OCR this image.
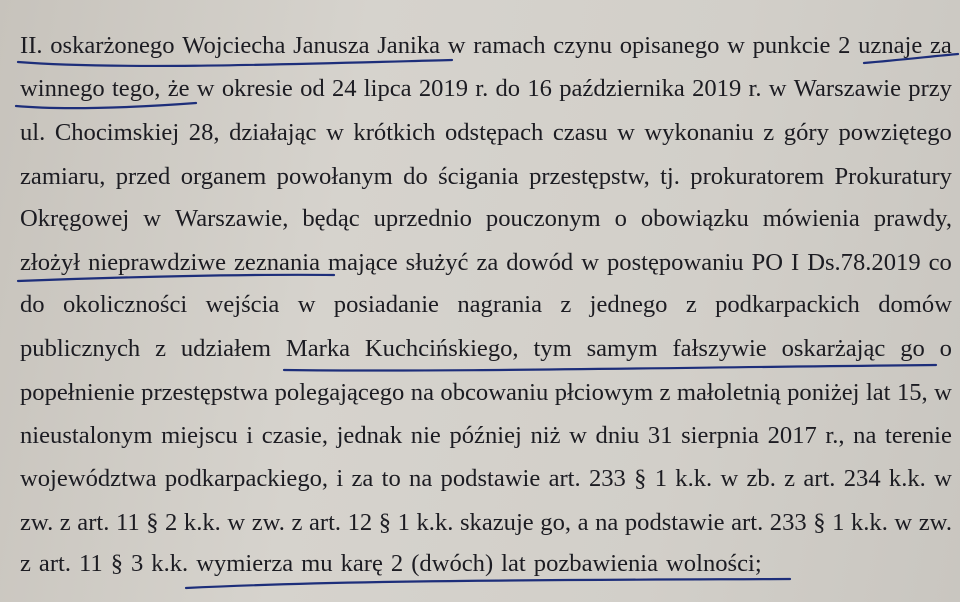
II. oskarżonego Wojciecha Janusza Janika w ramach czynu opisanego w punkcie 2 uznaje za
winnego tego, że w okresie od 24 lipca 2019 r. do 16 października 2019 r. w Warszawie przy
ul. Chocimskiej 28, działając w krótkich odstępach czasu w wykonaniu z góry powziętego
zamiaru, przed organem powołanym do ścigania przestępstw, tj. prokuratorem Prokuratury
Okręgowej w Warszawie, będąc uprzednio pouczonym o obowiązku mówienia prawdy,
złożył nieprawdziwe zeznania mające służyć za dowód w postępowaniu PO I Ds.78.2019 co
do okoliczności wejścia w posiadanie nagrania z jednego z podkarpackich domów
publicznych z udziałem Marka Kuchcińskiego, tym samym fałszywie oskarżając go o
popełnienie przestępstwa polegającego na obcowaniu płciowym z małoletnią poniżej lat 15, w
nieustalonym miejscu i czasie, jednak nie później niż w dniu 31 sierpnia 2017 r., na terenie
województwa podkarpackiego, i za to na podstawie art. 233 § 1 k.k. w zb. z art. 234 k.k. w
zw. z art. 11 § 2 k.k. w zw. z art. 12 § 1 k.k. skazuje go, a na podstawie art. 233 § 1 k.k. w zw.
z art. 11 § 3 k.k. wymierza mu karę 2 (dwóch) lat pozbawienia wolności;
